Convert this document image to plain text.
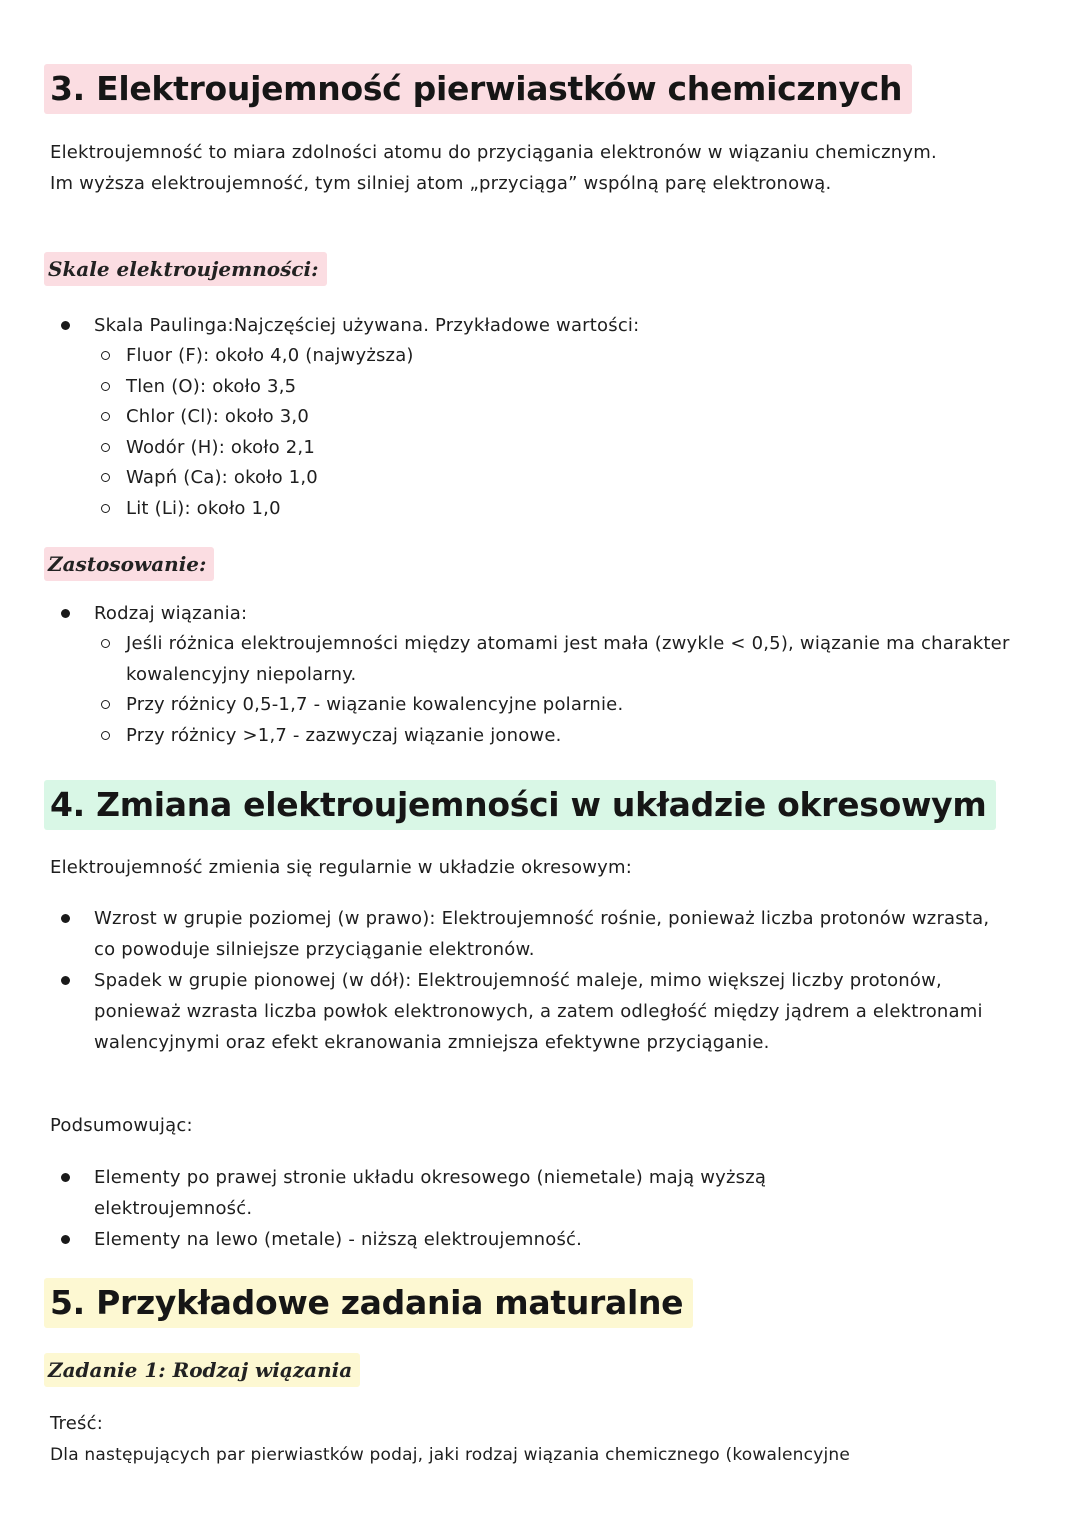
3. Elektroujemność pierwiastków chemicznych
Elektroujemność to miara zdolności atomu do przyciągania elektronów w wiązaniu chemicznym. Im wyższa elektroujemność, tym silniej atom „przyciąga” wspólną parę elektronową.
Skale elektroujemności:
Skala Paulinga:Najczęściej używana. Przykładowe wartości:
Fluor (F): około 4,0 (najwyższa)
Tlen (O): około 3,5
Chlor (Cl): około 3,0
Wodór (H): około 2,1
Wapń (Ca): około 1,0
Lit (Li): około 1,0
Zastosowanie:
Rodzaj wiązania:
Jeśli różnica elektroujemności między atomami jest mała (zwykle < 0,5), wiązanie ma charakter kowalencyjny niepolarny.
Przy różnicy 0,5-1,7 - wiązanie kowalencyjne polarnie.
Przy różnicy >1,7 - zazwyczaj wiązanie jonowe.
4. Zmiana elektroujemności w układzie okresowym
Elektroujemność zmienia się regularnie w układzie okresowym:
Wzrost w grupie poziomej (w prawo): Elektroujemność rośnie, ponieważ liczba protonów wzrasta, co powoduje silniejsze przyciąganie elektronów.
Spadek w grupie pionowej (w dół): Elektroujemność maleje, mimo większej liczby protonów, ponieważ wzrasta liczba powłok elektronowych, a zatem odległość między jądrem a elektronami walencyjnymi oraz efekt ekranowania zmniejsza efektywne przyciąganie.
Podsumowując:
Elementy po prawej stronie układu okresowego (niemetale) mają wyższą elektroujemność.
Elementy na lewo (metale) - niższą elektroujemność.
5. Przykładowe zadania maturalne
Zadanie 1: Rodzaj wiązania
Treść:
Dla następujących par pierwiastków podaj, jaki rodzaj wiązania chemicznego (kowalencyjne
